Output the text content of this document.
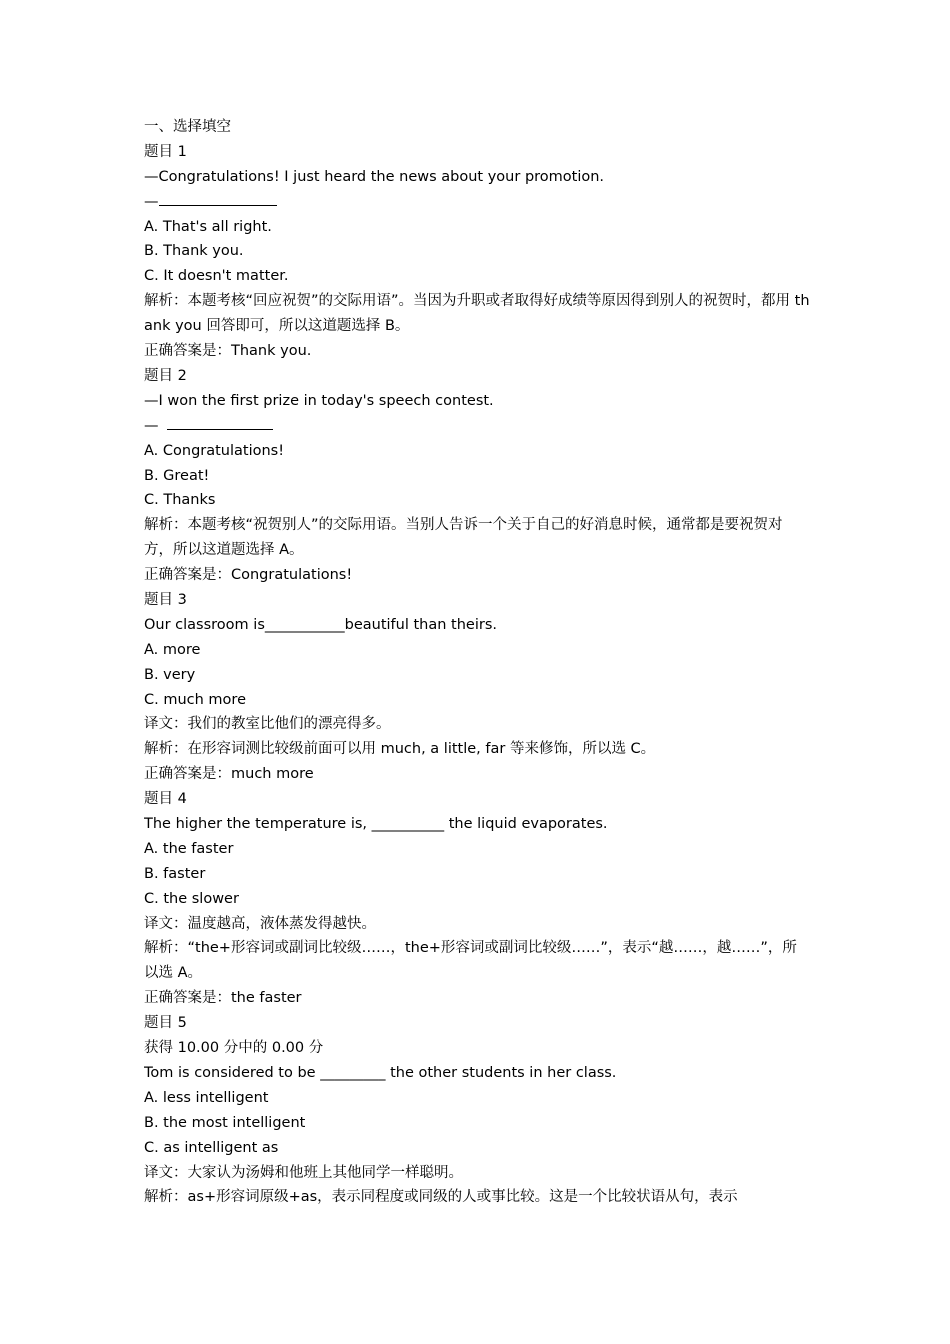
一、选择填空
题目 1
—Congratulations! I just heard the news about your promotion.
—
A. That's all right.
B. Thank you.
C. It doesn't matter.
解析：本题考核“回应祝贺”的交际用语”。当因为升职或者取得好成绩等原因得到别人的祝贺时，都用 thank you 回答即可，所以这道题选择 B。
正确答案是：Thank you.
题目 2
—I won the first prize in today's speech contest.
—
A. Congratulations!
B. Great!
C. Thanks
解析：本题考核“祝贺别人”的交际用语。当别人告诉一个关于自己的好消息时候，通常都是要祝贺对方，所以这道题选择 A。
正确答案是：Congratulations!
题目 3
Our classroom is___________beautiful than theirs.
A. more
B. very
C. much more
译文：我们的教室比他们的漂亮得多。
解析：在形容词测比较级前面可以用 much, a little, far 等来修饰，所以选 C。
正确答案是：much more
题目 4
The higher the temperature is, __________ the liquid evaporates.
A. the faster
B. faster
C. the slower
译文：温度越高，液体蒸发得越快。
解析：“the+形容词或副词比较级……，the+形容词或副词比较级……”，表示“越……，越……”，所以选 A。
正确答案是：the faster
题目 5
获得 10.00 分中的 0.00 分
Tom is considered to be _________ the other students in her class.
A. less intelligent
B. the most intelligent
C. as intelligent as
译文：大家认为汤姆和他班上其他同学一样聪明。
解析：as+形容词原级+as，表示同程度或同级的人或事比较。这是一个比较状语从句，表示
